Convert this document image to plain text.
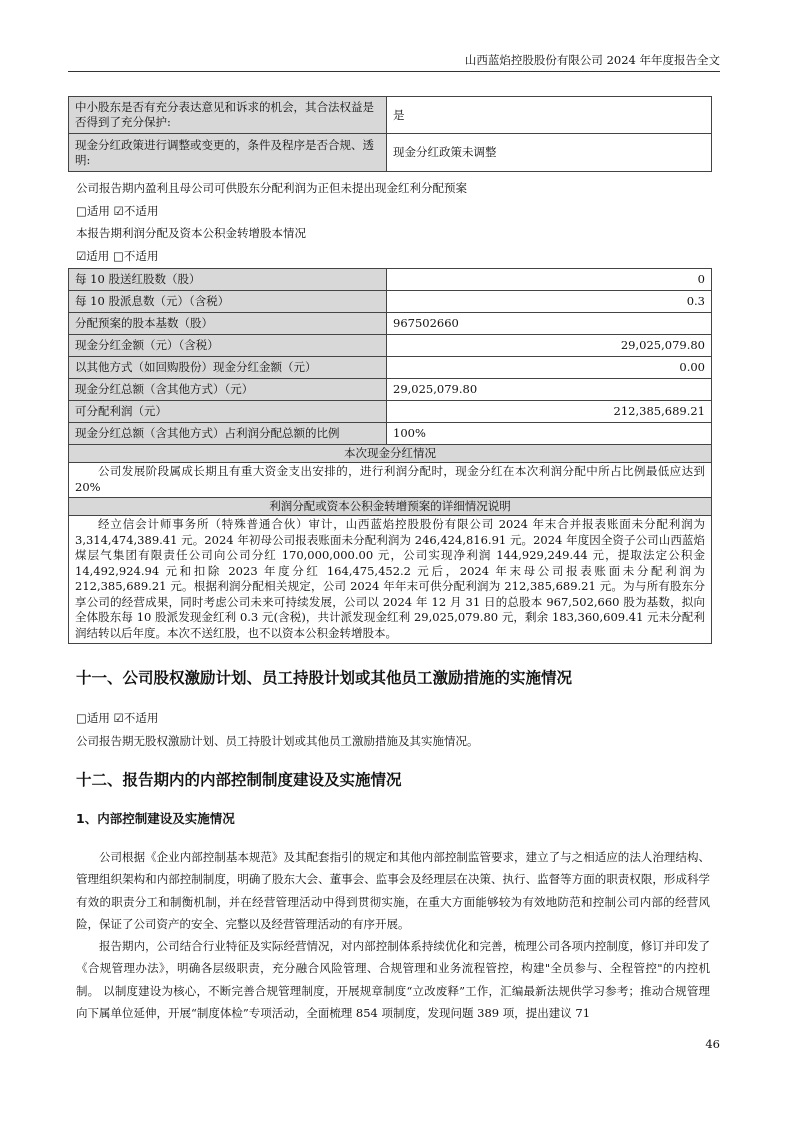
山西蓝焰控股股份有限公司 2024 年年度报告全文
中小股东是否有充分表达意见和诉求的机会，其合法权益是否得到了充分保护:	是
现金分红政策进行调整或变更的，条件及程序是否合规、透明:	现金分红政策未调整
公司报告期内盈利且母公司可供股东分配利润为正但未提出现金红利分配预案
□适用 ☑不适用
本报告期利润分配及资本公积金转增股本情况
☑适用 □不适用
每 10 股送红股数（股）	0
每 10 股派息数（元）（含税）	0.3
分配预案的股本基数（股）	967502660
现金分红金额（元）（含税）	29,025,079.80
以其他方式（如回购股份）现金分红金额（元）	0.00
现金分红总额（含其他方式）（元）	29,025,079.80
可分配利润（元）	212,385,689.21
现金分红总额（含其他方式）占利润分配总额的比例	100%
本次现金分红情况	
公司发展阶段属成长期且有重大资金支出安排的，进行利润分配时，现金分红在本次利润分配中所占比例最低应达到 20%	
利润分配或资本公积金转增预案的详细情况说明	
经立信会计师事务所（特殊普通合伙）审计，山西蓝焰控股股份有限公司 2024 年末合并报表账面未分配利润为 3,314,474,389.41 元。2024 年初母公司报表账面未分配利润为 246,424,816.91 元。2024 年度因全资子公司山西蓝焰煤层气集团有限责任公司向公司分红 170,000,000.00 元，公司实现净利润 144,929,249.44 元，提取法定公积金 14,492,924.94 元和扣除 2023 年度分红 164,475,452.2 元后，2024 年末母公司报表账面未分配利润为 212,385,689.21 元。根据利润分配相关规定，公司 2024 年年末可供分配利润为 212,385,689.21 元。为与所有股东分享公司的经营成果，同时考虑公司未来可持续发展，公司以 2024 年 12 月 31 日的总股本 967,502,660 股为基数，拟向全体股东每 10 股派发现金红利 0.3 元(含税)，共计派发现金红利 29,025,079.80 元，剩余 183,360,609.41 元未分配利润结转以后年度。本次不送红股，也不以资本公积金转增股本。	
十一、公司股权激励计划、员工持股计划或其他员工激励措施的实施情况
□适用 ☑不适用
公司报告期无股权激励计划、员工持股计划或其他员工激励措施及其实施情况。
十二、报告期内的内部控制制度建设及实施情况
1、内部控制建设及实施情况
公司根据《企业内部控制基本规范》及其配套指引的规定和其他内部控制监管要求，建立了与之相适应的法人治理结构、管理组织架构和内部控制制度，明确了股东大会、董事会、监事会及经理层在决策、执行、监督等方面的职责权限，形成科学有效的职责分工和制衡机制，并在经营管理活动中得到贯彻实施，在重大方面能够较为有效地防范和控制公司内部的经营风险，保证了公司资产的安全、完整以及经营管理活动的有序开展。
报告期内，公司结合行业特征及实际经营情况，对内部控制体系持续优化和完善，梳理公司各项内控制度，修订并印发了《合规管理办法》，明确各层级职责，充分融合风险管理、合规管理和业务流程管控，构建"全员参与、全程管控"的内控机制。 以制度建设为核心，不断完善合规管理制度，开展规章制度“立改废释”工作，汇编最新法规供学习参考；推动合规管理向下属单位延伸，开展“制度体检”专项活动，全面梳理 854 项制度，发现问题 389 项，提出建议 71
46
